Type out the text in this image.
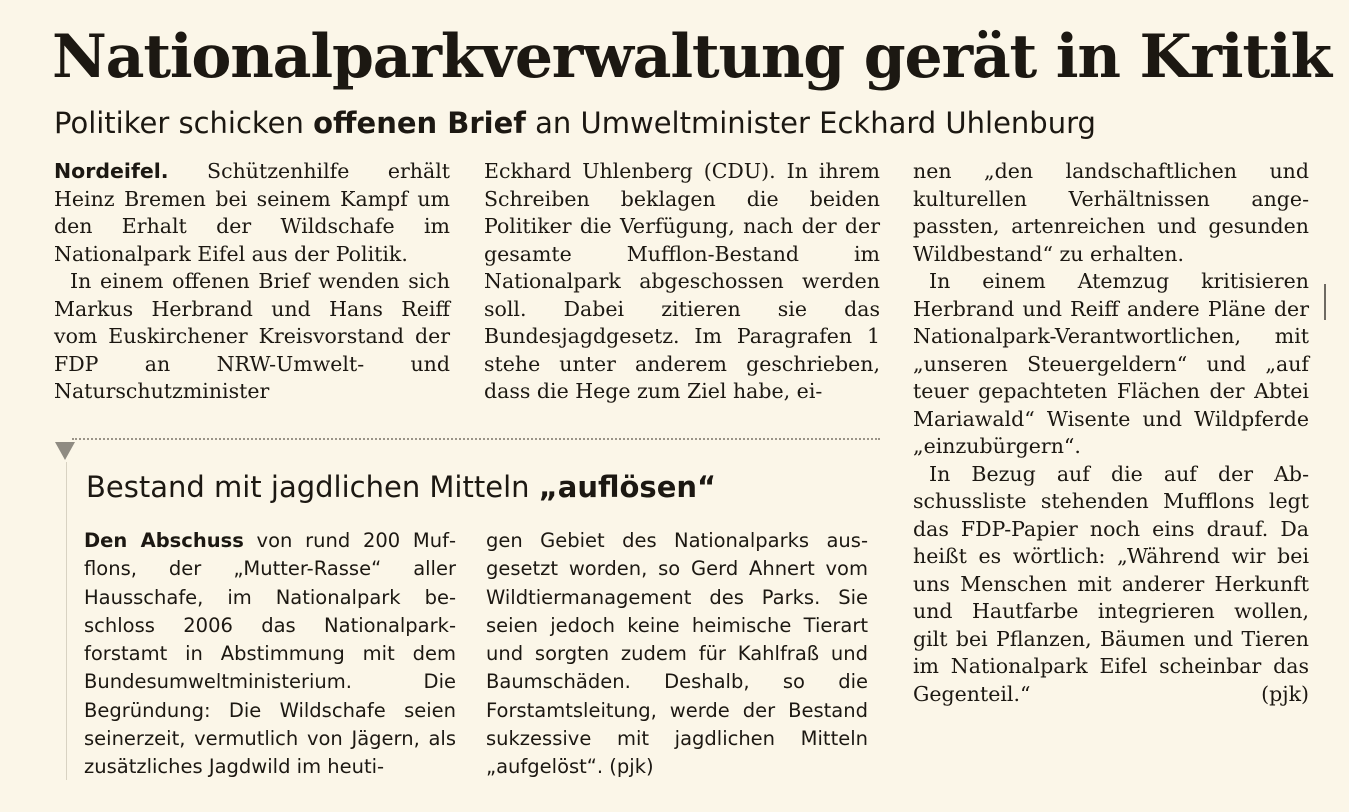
Nationalparkverwaltung gerät in Kritik
Politiker schicken offenen Brief an Umweltminister Eckhard Uhlenburg

Nordeifel. Schützenhilfe erhält Heinz Bremen bei seinem Kampf um den Erhalt der Wildschafe im Nationalpark Eifel aus der Politik.

In einem offenen Brief wenden sich Markus Herbrand und Hans Reiff vom Euskirchener Kreisvorstand der FDP an NRW-Umwelt- und Naturschutzminister

Eckhard Uhlenberg (CDU). In ihrem Schreiben beklagen die beiden Politiker die Verfügung, nach der der gesamte Mufflon-Bestand im Nationalpark abgeschossen werden soll. Dabei zitieren sie das Bundesjagdgesetz. Im Paragrafen 1 stehe unter anderem geschrieben, dass die Hege zum Ziel habe, ei-

nen „den landschaftlichen und kulturellen Verhältnissen angepassten, artenreichen und gesunden Wildbestand“ zu erhalten.

In einem Atemzug kritisieren Herbrand und Reiff andere Pläne der Nationalpark-Verantwortlichen, mit „unseren Steuergeldern“ und „auf teuer gepachteten Flächen der Abtei Mariawald“ Wisente und Wildpferde „einzubürgern“.

In Bezug auf die auf der Abschussliste stehenden Mufflons legt das FDP-Papier noch eins drauf. Da heißt es wörtlich: „Während wir bei uns Menschen mit anderer Herkunft und Hautfarbe integrieren wollen, gilt bei Pflanzen, Bäumen und Tieren im Nationalpark Eifel scheinbar das Gegenteil.“	(pjk)
Bestand mit jagdlichen Mitteln „auflösen“
Den Abschuss von rund 200 Mufflons, der „Mutter-Rasse“ aller Hausschafe, im Nationalpark beschloss 2006 das Nationalparkforstamt in Abstimmung mit dem Bundesumweltministerium. Die Begründung: Die Wildschafe seien seinerzeit, vermutlich von Jägern, als zusätzliches Jagdwild im heuti-
gen Gebiet des Nationalparks ausgesetzt worden, so Gerd Ahnert vom Wildtiermanagement des Parks. Sie seien jedoch keine heimische Tierart und sorgten zudem für Kahlfraß und Baumschäden. Deshalb, so die Forstamtsleitung, werde der Bestand sukzessive mit jagdlichen Mitteln „aufgelöst“. (pjk)
